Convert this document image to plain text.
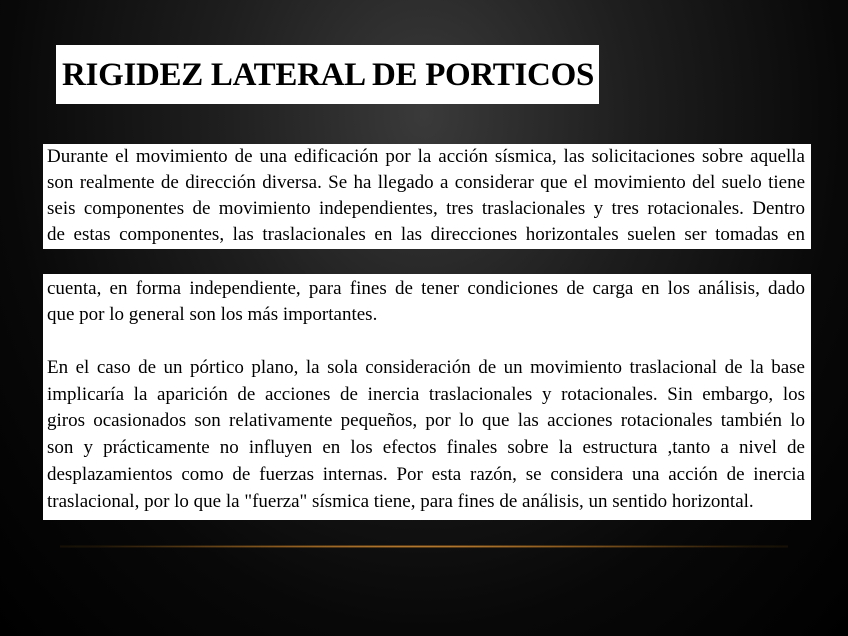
RIGIDEZ LATERAL DE PORTICOS
Durante el movimiento de una edificación por la acción sísmica, las solicitaciones sobre aquella
son realmente de dirección diversa. Se ha llegado a considerar que el movimiento del suelo tiene
seis componentes de movimiento independientes, tres traslacionales y tres rotacionales. Dentro
de estas componentes, las traslacionales en las direcciones horizontales suelen ser tomadas en
cuenta, en forma independiente, para fines de tener condiciones de carga en los análisis, dado
que por lo general son los más importantes.
En el caso de un pórtico plano, la sola consideración de un movimiento traslacional de la base
implicaría la aparición de acciones de inercia traslacionales y rotacionales. Sin embargo, los
giros ocasionados son relativamente pequeños, por lo que las acciones rotacionales también lo
son y prácticamente no influyen en los efectos finales sobre la estructura ,tanto a nivel de
desplazamientos como de fuerzas internas. Por esta razón, se considera una acción de inercia
traslacional, por lo que la "fuerza" sísmica tiene, para fines de análisis, un sentido horizontal.
